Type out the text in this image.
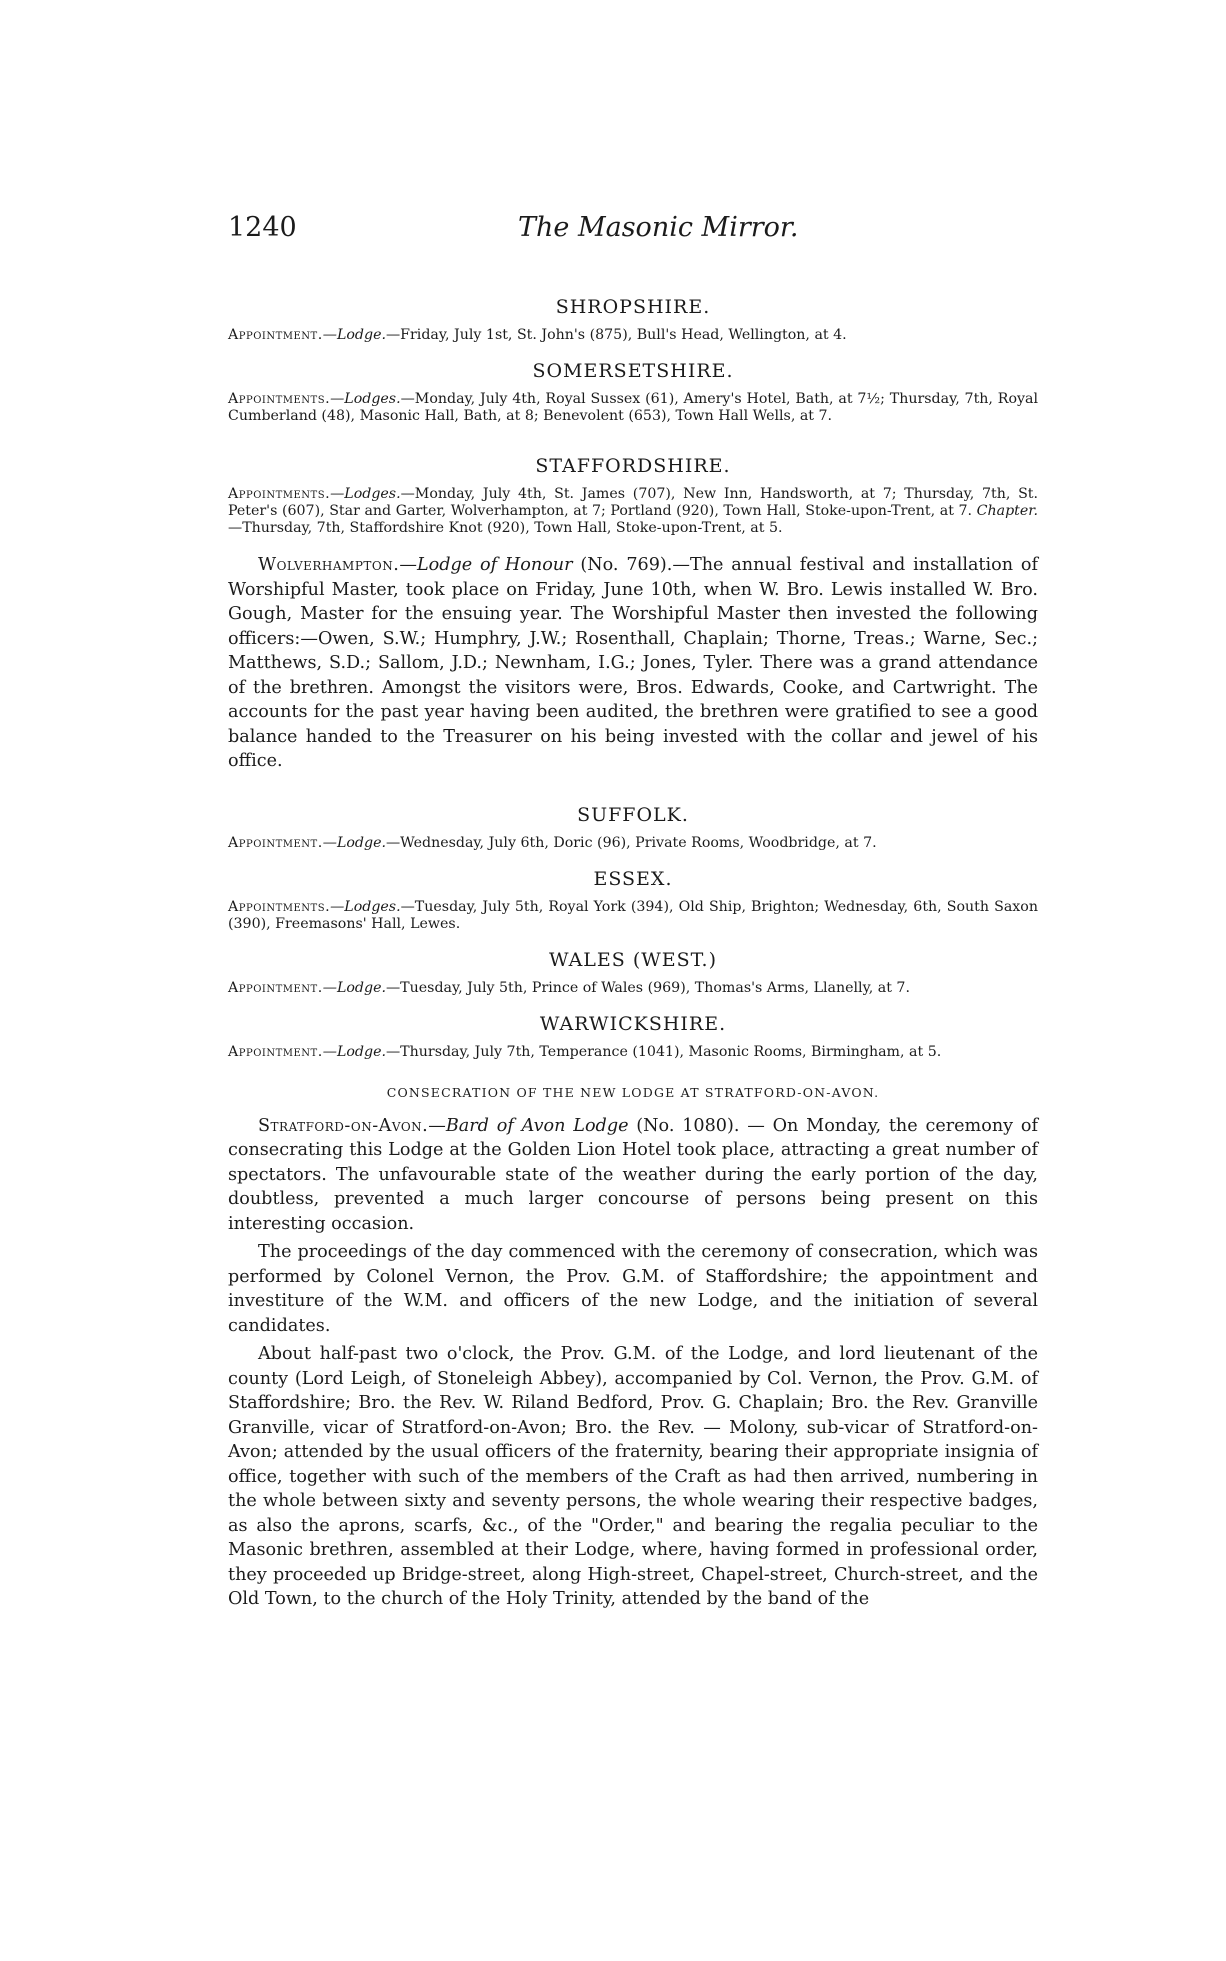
1240	The Masonic Mirror.
SHROPSHIRE.

Appointment.—Lodge.—Friday, July 1st, St. John's (875), Bull's Head, Wellington, at 4.

SOMERSETSHIRE.

Appointments.—Lodges.—Monday, July 4th, Royal Sussex (61), Amery's Hotel, Bath, at 7½; Thursday, 7th, Royal Cumberland (48), Masonic Hall, Bath, at 8; Benevolent (653), Town Hall Wells, at 7.

STAFFORDSHIRE.

Appointments.—Lodges.—Monday, July 4th, St. James (707), New Inn, Handsworth, at 7; Thursday, 7th, St. Peter's (607), Star and Garter, Wolverhampton, at 7; Portland (920), Town Hall, Stoke-upon-Trent, at 7. Chapter.—Thursday, 7th, Staffordshire Knot (920), Town Hall, Stoke-upon-Trent, at 5.

Wolverhampton.—Lodge of Honour (No. 769).—The annual festival and installation of Worshipful Master, took place on Friday, June 10th, when W. Bro. Lewis installed W. Bro. Gough, Master for the ensuing year. The Worshipful Master then invested the following officers:—Owen, S.W.; Humphry, J.W.; Rosenthall, Chaplain; Thorne, Treas.; Warne, Sec.; Matthews, S.D.; Sallom, J.D.; Newnham, I.G.; Jones, Tyler. There was a grand attendance of the brethren. Amongst the visitors were, Bros. Edwards, Cooke, and Cartwright. The accounts for the past year having been audited, the brethren were gratified to see a good balance handed to the Treasurer on his being invested with the collar and jewel of his office.

SUFFOLK.

Appointment.—Lodge.—Wednesday, July 6th, Doric (96), Private Rooms, Woodbridge, at 7.

ESSEX.

Appointments.—Lodges.—Tuesday, July 5th, Royal York (394), Old Ship, Brighton; Wednesday, 6th, South Saxon (390), Freemasons' Hall, Lewes.

WALES (WEST.)

Appointment.—Lodge.—Tuesday, July 5th, Prince of Wales (969), Thomas's Arms, Llanelly, at 7.

WARWICKSHIRE.

Appointment.—Lodge.—Thursday, July 7th, Temperance (1041), Masonic Rooms, Birmingham, at 5.

CONSECRATION OF THE NEW LODGE AT STRATFORD-ON-AVON.

Stratford-on-Avon.—Bard of Avon Lodge (No. 1080). — On Monday, the ceremony of consecrating this Lodge at the Golden Lion Hotel took place, attracting a great number of spectators. The unfavourable state of the weather during the early portion of the day, doubtless, prevented a much larger concourse of persons being present on this interesting occasion.

The proceedings of the day commenced with the ceremony of consecration, which was performed by Colonel Vernon, the Prov. G.M. of Staffordshire; the appointment and investiture of the W.M. and officers of the new Lodge, and the initiation of several candidates.

About half-past two o'clock, the Prov. G.M. of the Lodge, and lord lieutenant of the county (Lord Leigh, of Stoneleigh Abbey), accompanied by Col. Vernon, the Prov. G.M. of Staffordshire; Bro. the Rev. W. Riland Bedford, Prov. G. Chaplain; Bro. the Rev. Granville Granville, vicar of Stratford-on-Avon; Bro. the Rev. — Molony, sub-vicar of Stratford-on-Avon; attended by the usual officers of the fraternity, bearing their appropriate insignia of office, together with such of the members of the Craft as had then arrived, numbering in the whole between sixty and seventy persons, the whole wearing their respective badges, as also the aprons, scarfs, &c., of the "Order," and bearing the regalia peculiar to the Masonic brethren, assembled at their Lodge, where, having formed in professional order, they proceeded up Bridge-street, along High-street, Chapel-street, Church-street, and the Old Town, to the church of the Holy Trinity, attended by the band of the
